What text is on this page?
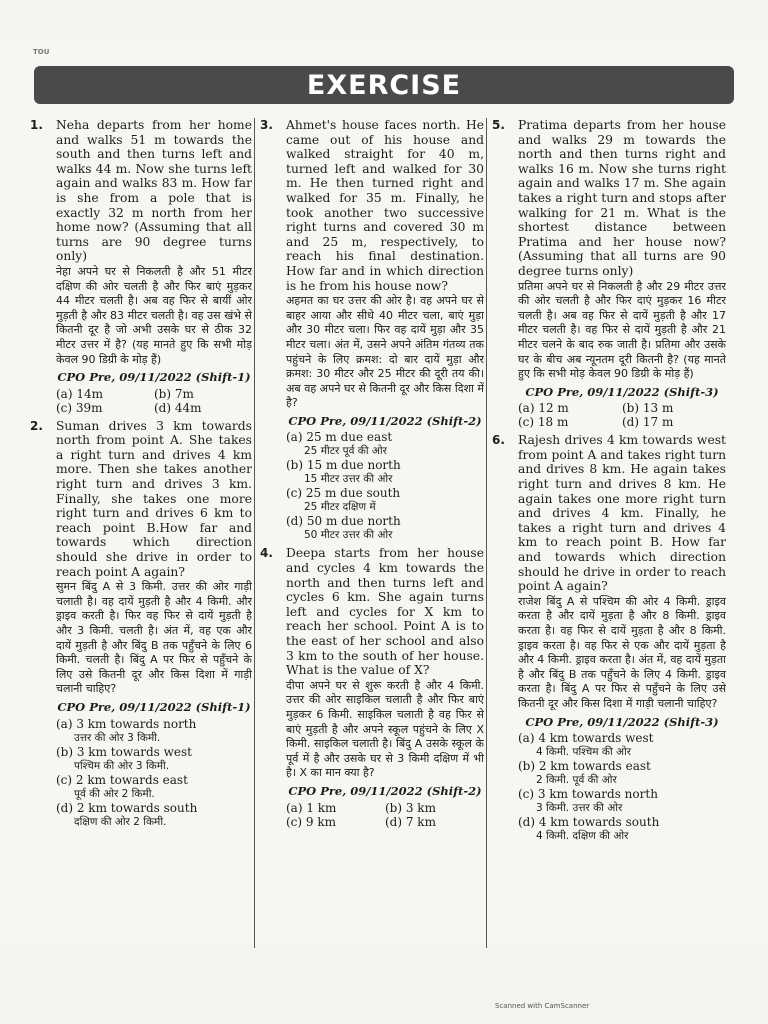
TOU
EXERCISE
1. Neha departs from her home and walks 51 m towards the south and then turns left and walks 44 m. Now she turns left again and walks 83 m. How far is she from a pole that is exactly 32 m north from her home now? (Assuming that all turns are 90 degree turns only)
नेहा अपने घर से निकलती है और 51 मीटर दक्षिण की ओर चलती है और फिर बाएं मुड़कर 44 मीटर चलती है। अब वह फिर से बायीं ओर मुड़ती है और 83 मीटर चलती है। वह उस खंभे से कितनी दूर है जो अभी उसके घर से ठीक 32 मीटर उत्तर में है? (यह मानते हुए कि सभी मोड़ केवल 90 डिग्री के मोड़ हैं)
CPO Pre, 09/11/2022 (Shift-1)
(a) 14m	(b) 7m
(c) 39m	(d) 44m
2. Suman drives 3 km towards north from point A. She takes a right turn and drives 4 km more. Then she takes another right turn and drives 3 km. Finally, she takes one more right turn and drives 6 km to reach point B.How far and towards which direction should she drive in order to reach point A again?
सुमन बिंदु A से 3 किमी. उत्तर की ओर गाड़ी चलाती है। वह दायें मुड़ती है और 4 किमी. और ड्राइव करती है। फिर वह फिर से दायें मुड़ती है और 3 किमी. चलती है। अंत में, वह एक और दायें मुड़ती है और बिंदु B तक पहुँचने के लिए 6 किमी. चलती है। बिंदु A पर फिर से पहुँचने के लिए उसे कितनी दूर और किस दिशा में गाड़ी चलानी चाहिए?
CPO Pre, 09/11/2022 (Shift-1)
(a) 3 km towards north
उत्तर की ओर 3 किमी.
(b) 3 km towards west
पश्चिम की ओर 3 किमी.
(c) 2 km towards east
पूर्व की ओर 2 किमी.
(d) 2 km towards south
दक्षिण की ओर 2 किमी.
3. Ahmet's house faces north. He came out of his house and walked straight for 40 m, turned left and walked for 30 m. He then turned right and walked for 35 m. Finally, he took another two successive right turns and covered 30 m and 25 m, respectively, to reach his final destination. How far and in which direction is he from his house now?
अहमत का घर उत्तर की ओर है। वह अपने घर से बाहर आया और सीधे 40 मीटर चला, बाएं मुड़ा और 30 मीटर चला। फिर वह दायें मुड़ा और 35 मीटर चला। अंत में, उसने अपने अंतिम गंतव्य तक पहुंचने के लिए क्रमश: दो बार दायें मुड़ा और क्रमश: 30 मीटर और 25 मीटर की दूरी तय की। अब वह अपने घर से कितनी दूर और किस दिशा में है?
CPO Pre, 09/11/2022 (Shift-2)
(a) 25 m due east
25 मीटर पूर्व की ओर
(b) 15 m due north
15 मीटर उत्तर की ओर
(c) 25 m due south
25 मीटर दक्षिण में
(d) 50 m due north
50 मीटर उत्तर की ओर
4. Deepa starts from her house and cycles 4 km towards the north and then turns left and cycles 6 km. She again turns left and cycles for X km to reach her school. Point A is to the east of her school and also 3 km to the south of her house. What is the value of X?
दीपा अपने घर से शुरू करती है और 4 किमी. उत्तर की ओर साइकिल चलाती है और फिर बाएं मुड़कर 6 किमी. साइकिल चलाती है वह फिर से बाएं मुड़ती है और अपने स्कूल पहुंचने के लिए X किमी. साइकिल चलाती है। बिंदु A उसके स्कूल के पूर्व में है और उसके घर से 3 किमी दक्षिण में भी है। X का मान क्या है?
CPO Pre, 09/11/2022 (Shift-2)
(a) 1 km	(b) 3 km
(c) 9 km	(d) 7 km
5. Pratima departs from her house and walks 29 m towards the north and then turns right and walks 16 m. Now she turns right again and walks 17 m. She again takes a right turn and stops after walking for 21 m. What is the shortest distance between Pratima and her house now? (Assuming that all turns are 90 degree turns only)
प्रतिमा अपने घर से निकलती है और 29 मीटर उत्तर की ओर चलती है और फिर दाएं मुड़कर 16 मीटर चलती है। अब वह फिर से दायें मुड़ती है और 17 मीटर चलती है। वह फिर से दायें मुड़ती है और 21 मीटर चलने के बाद रुक जाती है। प्रतिमा और उसके घर के बीच अब न्यूनतम दूरी कितनी है? (यह मानते हुए कि सभी मोड़ केवल 90 डिग्री के मोड़ हैं)
CPO Pre, 09/11/2022 (Shift-3)
(a) 12 m	(b) 13 m
(c) 18 m	(d) 17 m
6. Rajesh drives 4 km towards west from point A and takes right turn and drives 8 km. He again takes right turn and drives 8 km. He again takes one more right turn and drives 4 km. Finally, he takes a right turn and drives 4 km to reach point B. How far and towards which direction should he drive in order to reach point A again?
राजेश बिंदु A से पश्चिम की ओर 4 किमी. ड्राइव करता है और दायें मुड़ता है और 8 किमी. ड्राइव करता है। वह फिर से दायें मुड़ता है और 8 किमी. ड्राइव करता है। वह फिर से एक और दायें मुड़ता है और 4 किमी. ड्राइव करता है। अंत में, वह दायें मुड़ता है और बिंदु B तक पहुँचने के लिए 4 किमी. ड्राइव करता है। बिंदु A पर फिर से पहुँचने के लिए उसे कितनी दूर और किस दिशा में गाड़ी चलानी चाहिए?
CPO Pre, 09/11/2022 (Shift-3)
(a) 4 km towards west
4 किमी. पश्चिम की ओर
(b) 2 km towards east
2 किमी. पूर्व की ओर
(c) 3 km towards north
3 किमी. उत्तर की ओर
(d) 4 km towards south
4 किमी. दक्षिण की ओर
Scanned with CamScanner
